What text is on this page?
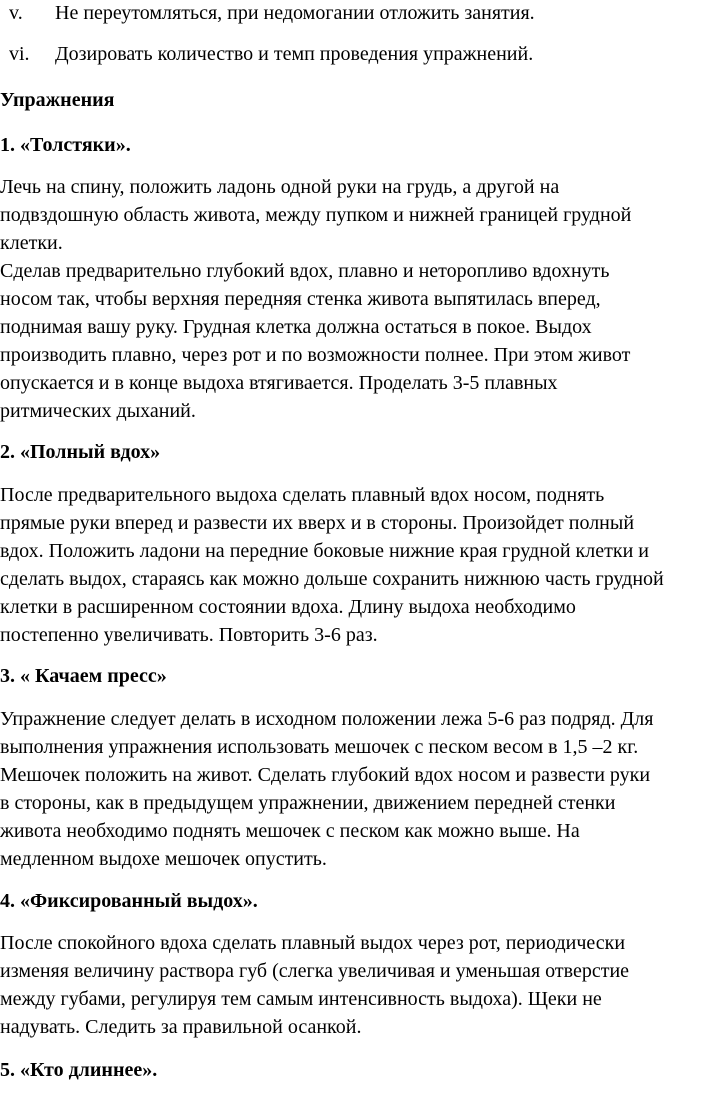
v. Не переутомляться, при недомогании отложить занятия.
vi. Дозировать количество и темп проведения упражнений.
Упражнения
1. «Толстяки».
Лечь на спину, положить ладонь одной руки на грудь, а другой на
подвздошную область живота, между пупком и нижней границей грудной
клетки.
Сделав предварительно глубокий вдох, плавно и неторопливо вдохнуть
носом так, чтобы верхняя передняя стенка живота выпятилась вперед,
поднимая вашу руку. Грудная клетка должна остаться в покое. Выдох
производить плавно, через рот и по возможности полнее. При этом живот
опускается и в конце выдоха втягивается. Проделать 3-5 плавных
ритмических дыханий.
2. «Полный вдох»
После предварительного выдоха сделать плавный вдох носом, поднять
прямые руки вперед и развести их вверх и в стороны. Произойдет полный
вдох. Положить ладони на передние боковые нижние края грудной клетки и
сделать выдох, стараясь как можно дольше сохранить нижнюю часть грудной
клетки в расширенном состоянии вдоха. Длину выдоха необходимо
постепенно увеличивать. Повторить 3-6 раз.
3. « Качаем пресс»
Упражнение следует делать в исходном положении лежа 5-6 раз подряд. Для
выполнения упражнения использовать мешочек с песком весом в 1,5 –2 кг.
Мешочек положить на живот. Сделать глубокий вдох носом и развести руки
в стороны, как в предыдущем упражнении, движением передней стенки
живота необходимо поднять мешочек с песком как можно выше. На
медленном выдохе мешочек опустить.
4. «Фиксированный выдох».
После спокойного вдоха сделать плавный выдох через рот, периодически
изменяя величину раствора губ (слегка увеличивая и уменьшая отверстие
между губами, регулируя тем самым интенсивность выдоха). Щеки не
надувать. Следить за правильной осанкой.
5. «Кто длиннее».
